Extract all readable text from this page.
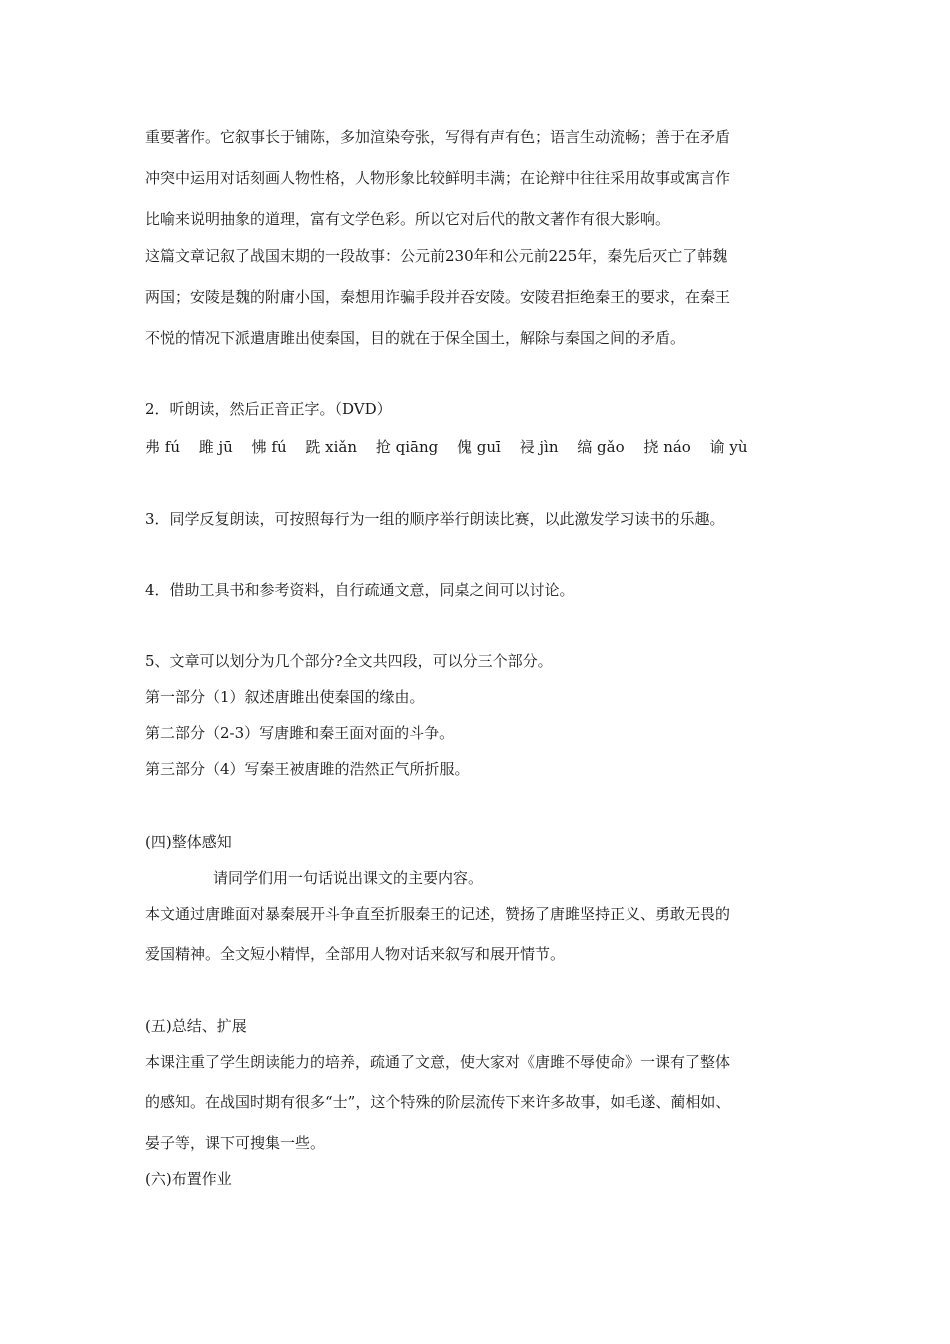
重要著作。它叙事长于铺陈，多加渲染夸张，写得有声有色；语言生动流畅；善于在矛盾
冲突中运用对话刻画人物性格，人物形象比较鲜明丰满；在论辩中往往采用故事或寓言作
比喻来说明抽象的道理，富有文学色彩。所以它对后代的散文著作有很大影响。
这篇文章记叙了战国末期的一段故事：公元前230年和公元前225年，秦先后灭亡了韩魏
两国；安陵是魏的附庸小国，秦想用诈骗手段并吞安陵。安陵君拒绝秦王的要求，在秦王
不悦的情况下派遣唐雎出使秦国，目的就在于保全国土，解除与秦国之间的矛盾。
2．听朗读，然后正音正字。（DVD）
弗 fú 雎 jū 怫 fú 跣 xiǎn 抢 qiāng 傀 guī 祲 jìn 缟 gǎo 挠 náo 谕 yù
3．同学反复朗读，可按照每行为一组的顺序举行朗读比赛，以此激发学习读书的乐趣。
4．借助工具书和参考资料，自行疏通文意，同桌之间可以讨论。
5、文章可以划分为几个部分?全文共四段，可以分三个部分。
第一部分（1）叙述唐雎出使秦国的缘由。
第二部分（2-3）写唐雎和秦王面对面的斗争。
第三部分（4）写秦王被唐雎的浩然正气所折服。
(四)整体感知
请同学们用一句话说出课文的主要内容。
本文通过唐雎面对暴秦展开斗争直至折服秦王的记述，赞扬了唐雎坚持正义、勇敢无畏的
爱国精神。全文短小精悍，全部用人物对话来叙写和展开情节。
(五)总结、扩展
本课注重了学生朗读能力的培养，疏通了文意，使大家对《唐雎不辱使命》一课有了整体
的感知。在战国时期有很多“士”，这个特殊的阶层流传下来许多故事，如毛遂、蔺相如、
晏子等，课下可搜集一些。
(六)布置作业
